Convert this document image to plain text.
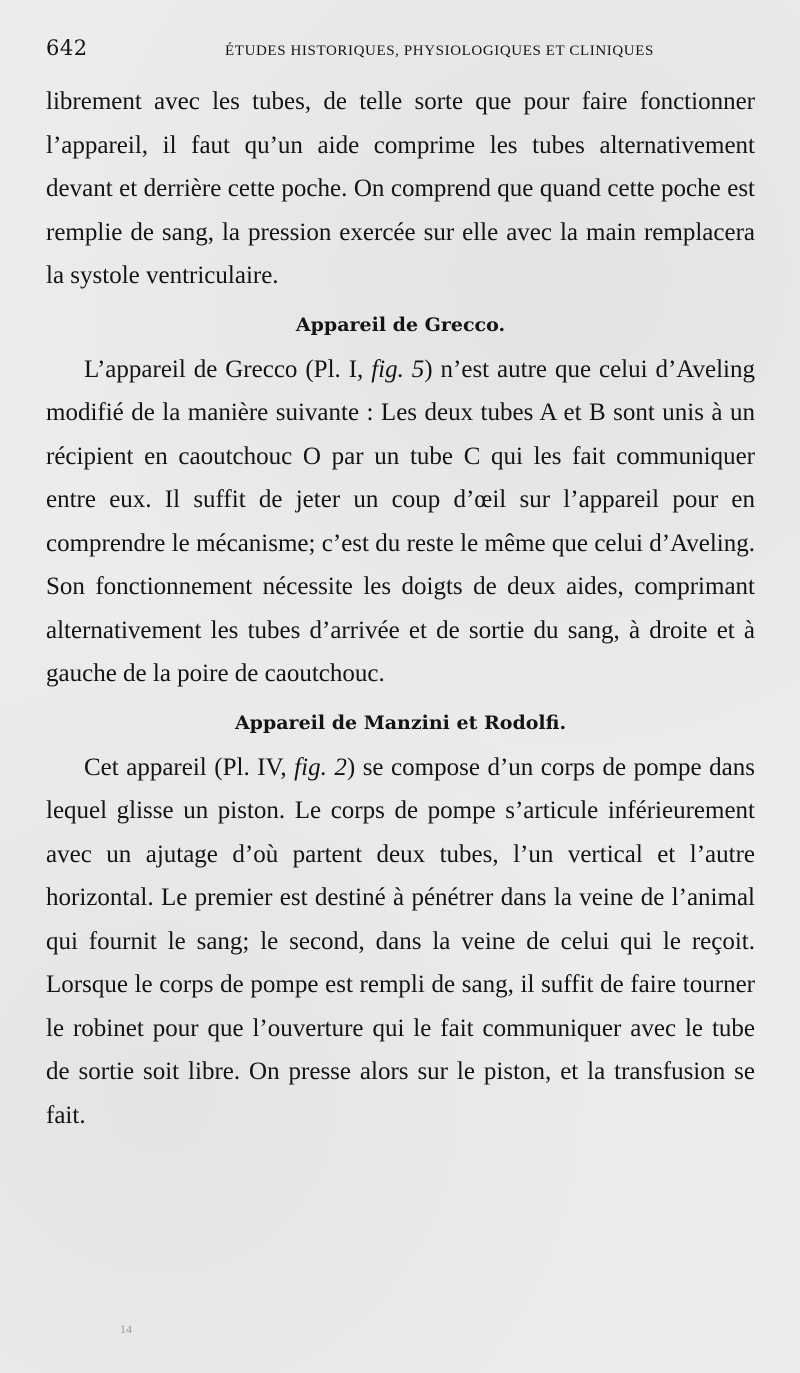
642	ÉTUDES HISTORIQUES, PHYSIOLOGIQUES ET CLINIQUES

librement avec les tubes, de telle sorte que pour faire fonctionner l’appareil, il faut qu’un aide comprime les tubes alternativement devant et derrière cette poche. On comprend que quand cette poche est remplie de sang, la pression exercée sur elle avec la main remplacera la systole ventriculaire.

Appareil de Grecco.

L’appareil de Grecco (Pl. I, fig. 5) n’est autre que celui d’Aveling modifié de la manière suivante : Les deux tubes A et B sont unis à un récipient en caoutchouc O par un tube C qui les fait communiquer entre eux. Il suffit de jeter un coup d’œil sur l’appareil pour en comprendre le mécanisme; c’est du reste le même que celui d’Aveling. Son fonctionnement nécessite les doigts de deux aides, comprimant alternativement les tubes d’arrivée et de sortie du sang, à droite et à gauche de la poire de caoutchouc.

Appareil de Manzini et Rodolfi.

Cet appareil (Pl. IV, fig. 2) se compose d’un corps de pompe dans lequel glisse un piston. Le corps de pompe s’articule inférieurement avec un ajutage d’où partent deux tubes, l’un vertical et l’autre horizontal. Le premier est destiné à pénétrer dans la veine de l’animal qui fournit le sang; le second, dans la veine de celui qui le reçoit. Lorsque le corps de pompe est rempli de sang, il suffit de faire tourner le robinet pour que l’ouverture qui le fait communiquer avec le tube de sortie soit libre. On presse alors sur le piston, et la transfusion se fait.

14
